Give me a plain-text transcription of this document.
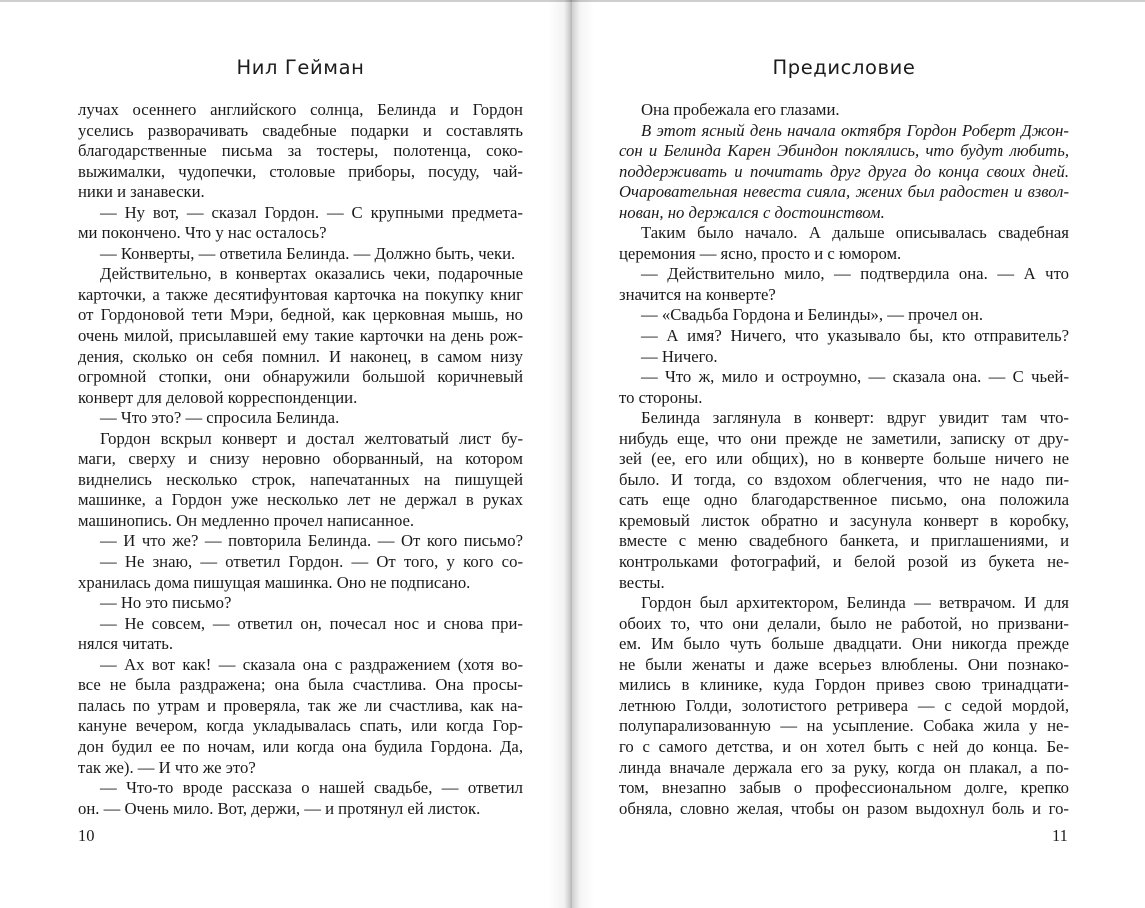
Нил Гейман
лучах осеннего английского солнца, Белинда и Гордон
уселись разворачивать свадебные подарки и составлять
благодарственные письма за тостеры, полотенца, соко-
выжималки, чудопечки, столовые приборы, посуду, чай-
ники и занавески.
— Ну вот, — сказал Гордон. — С крупными предмета-
ми покончено. Что у нас осталось?
— Конверты, — ответила Белинда. — Должно быть, чеки.
Действительно, в конвертах оказались чеки, подарочные
карточки, а также десятифунтовая карточка на покупку книг
от Гордоновой тети Мэри, бедной, как церковная мышь, но
очень милой, присылавшей ему такие карточки на день рож-
дения, сколько он себя помнил. И наконец, в самом низу
огромной стопки, они обнаружили большой коричневый
конверт для деловой корреспонденции.
— Что это? — спросила Белинда.
Гордон вскрыл конверт и достал желтоватый лист бу-
маги, сверху и снизу неровно оборванный, на котором
виднелись несколько строк, напечатанных на пишущей
машинке, а Гордон уже несколько лет не держал в руках
машинопись. Он медленно прочел написанное.
— И что же? — повторила Белинда. — От кого письмо?
— Не знаю, — ответил Гордон. — От того, у кого со-
хранилась дома пишущая машинка. Оно не подписано.
— Но это письмо?
— Не совсем, — ответил он, почесал нос и снова при-
нялся читать.
— Ах вот как! — сказала она с раздражением (хотя во-
все не была раздражена; она была счастлива. Она просы-
палась по утрам и проверяла, так же ли счастлива, как на-
кануне вечером, когда укладывалась спать, или когда Гор-
дон будил ее по ночам, или когда она будила Гордона. Да,
так же). — И что же это?
— Что-то вроде рассказа о нашей свадьбе, — ответил
он. — Очень мило. Вот, держи, — и протянул ей листок.
10
Предисловие
Она пробежала его глазами.
В этот ясный день начала октября Гордон Роберт Джон-
сон и Белинда Карен Эбиндон поклялись, что будут любить,
поддерживать и почитать друг друга до конца своих дней.
Очаровательная невеста сияла, жених был радостен и взвол-
нован, но держался с достоинством.
Таким было начало. А дальше описывалась свадебная
церемония — ясно, просто и с юмором.
— Действительно мило, — подтвердила она. — А что
значится на конверте?
— «Свадьба Гордона и Белинды», — прочел он.
— А имя? Ничего, что указывало бы, кто отправитель?
— Ничего.
— Что ж, мило и остроумно, — сказала она. — С чьей-
то стороны.
Белинда заглянула в конверт: вдруг увидит там что-
нибудь еще, что они прежде не заметили, записку от дру-
зей (ее, его или общих), но в конверте больше ничего не
было. И тогда, со вздохом облегчения, что не надо пи-
сать еще одно благодарственное письмо, она положила
кремовый листок обратно и засунула конверт в коробку,
вместе с меню свадебного банкета, и приглашениями, и
контрольками фотографий, и белой розой из букета не-
весты.
Гордон был архитектором, Белинда — ветврачом. И для
обоих то, что они делали, было не работой, но призвани-
ем. Им было чуть больше двадцати. Они никогда прежде
не были женаты и даже всерьез влюблены. Они познако-
мились в клинике, куда Гордон привез свою тринадцати-
летнюю Голди, золотистого ретривера — с седой мордой,
полупарализованную — на усыпление. Собака жила у не-
го с самого детства, и он хотел быть с ней до конца. Бе-
линда вначале держала его за руку, когда он плакал, а по-
том, внезапно забыв о профессиональном долге, крепко
обняла, словно желая, чтобы он разом выдохнул боль и го-
11
